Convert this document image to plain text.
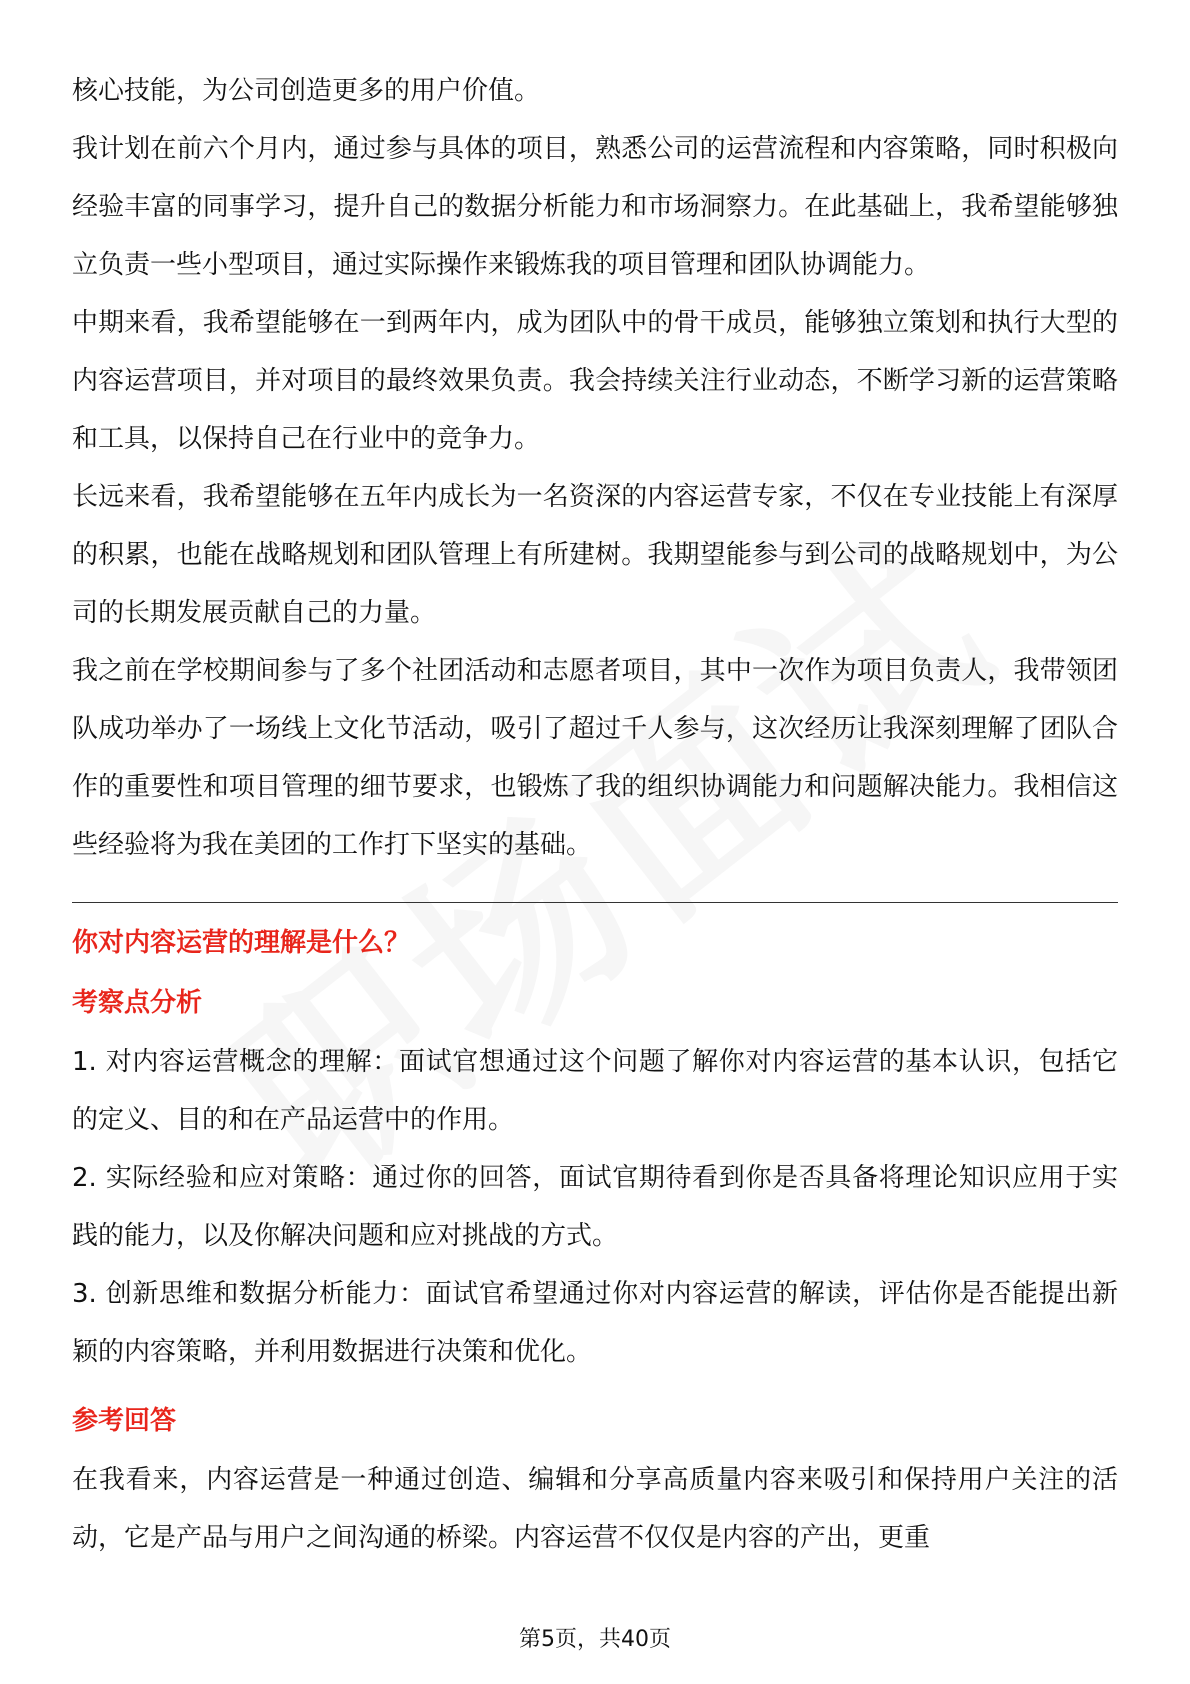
核心技能，为公司创造更多的用户价值。

我计划在前六个月内，通过参与具体的项目，熟悉公司的运营流程和内容策略，同时积极向经验丰富的同事学习，提升自己的数据分析能力和市场洞察力。在此基础上，我希望能够独立负责一些小型项目，通过实际操作来锻炼我的项目管理和团队协调能力。

中期来看，我希望能够在一到两年内，成为团队中的骨干成员，能够独立策划和执行大型的内容运营项目，并对项目的最终效果负责。我会持续关注行业动态，不断学习新的运营策略和工具，以保持自己在行业中的竞争力。

长远来看，我希望能够在五年内成长为一名资深的内容运营专家，不仅在专业技能上有深厚的积累，也能在战略规划和团队管理上有所建树。我期望能参与到公司的战略规划中，为公司的长期发展贡献自己的力量。

我之前在学校期间参与了多个社团活动和志愿者项目，其中一次作为项目负责人，我带领团队成功举办了一场线上文化节活动，吸引了超过千人参与，这次经历让我深刻理解了团队合作的重要性和项目管理的细节要求，也锻炼了我的组织协调能力和问题解决能力。我相信这些经验将为我在美团的工作打下坚实的基础。

你对内容运营的理解是什么？

考察点分析

1. 对内容运营概念的理解：面试官想通过这个问题了解你对内容运营的基本认识，包括它的定义、目的和在产品运营中的作用。

2. 实际经验和应对策略：通过你的回答，面试官期待看到你是否具备将理论知识应用于实践的能力，以及你解决问题和应对挑战的方式。

3. 创新思维和数据分析能力：面试官希望通过你对内容运营的解读，评估你是否能提出新颖的内容策略，并利用数据进行决策和优化。

参考回答

在我看来，内容运营是一种通过创造、编辑和分享高质量内容来吸引和保持用户关注的活动，它是产品与用户之间沟通的桥梁。内容运营不仅仅是内容的产出，更重

第5页，共40页
